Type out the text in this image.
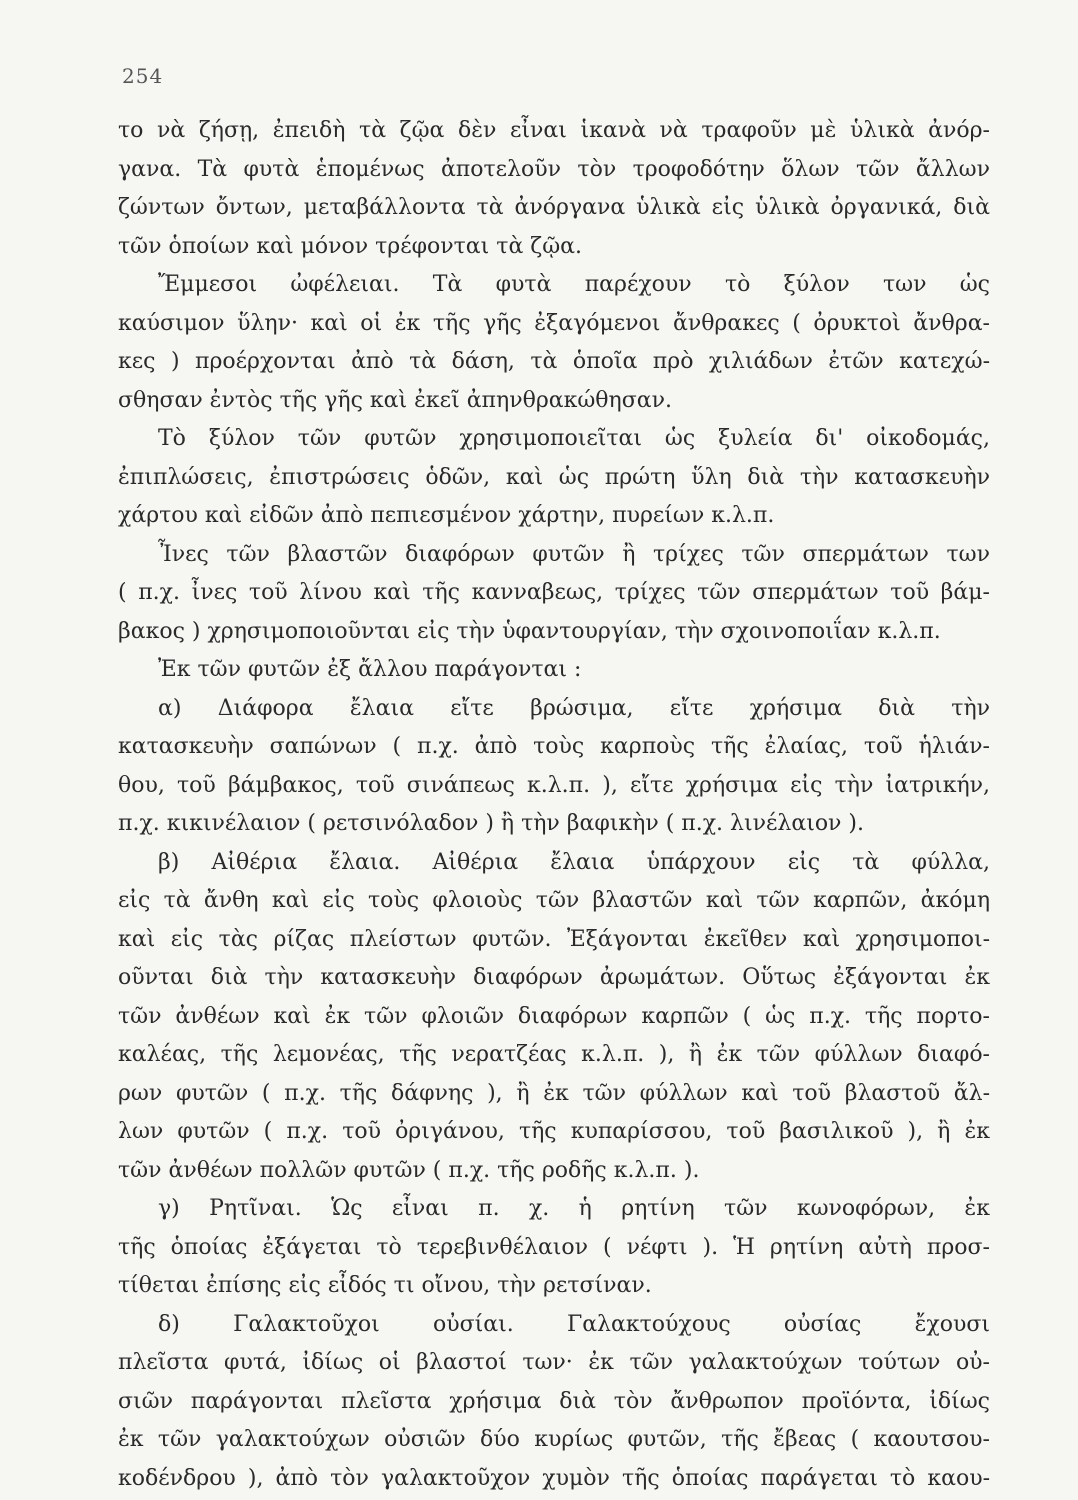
254
το νὰ ζήσῃ, ἐπειδὴ τὰ ζῷα δὲν εἶναι ἱκανὰ νὰ τραφοῦν μὲ ὑλικὰ ἀνόρ-
γανα. Τὰ φυτὰ ἑπομένως ἀποτελοῦν τὸν τροφοδότην ὅλων τῶν ἄλλων
ζώντων ὄντων, μεταβάλλοντα τὰ ἀνόργανα ὑλικὰ εἰς ὑλικὰ ὀργανικά, διὰ
τῶν ὁποίων καὶ μόνον τρέφονται τὰ ζῷα.
Ἔμμεσοι ὠφέλειαι. Τὰ φυτὰ παρέχουν τὸ ξύλον των ὡς
καύσιμον ὕλην· καὶ οἱ ἐκ τῆς γῆς ἐξαγόμενοι ἄνθρακες ( ὀρυκτοὶ ἄνθρα-
κες ) προέρχονται ἀπὸ τὰ δάση, τὰ ὁποῖα πρὸ χιλιάδων ἐτῶν κατεχώ-
σθησαν ἐντὸς τῆς γῆς καὶ ἐκεῖ ἀπηνθρακώθησαν.
Τὸ ξύλον τῶν φυτῶν χρησιμοποιεῖται ὡς ξυλεία δι' οἰκοδομάς,
ἐπιπλώσεις, ἐπιστρώσεις ὁδῶν, καὶ ὡς πρώτη ὕλη διὰ τὴν κατασκευὴν
χάρτου καὶ εἰδῶν ἀπὸ πεπιεσμένον χάρτην, πυρείων κ.λ.π.
Ἶνες τῶν βλαστῶν διαφόρων φυτῶν ἢ τρίχες τῶν σπερμάτων των
( π.χ. ἶνες τοῦ λίνου καὶ τῆς κανναβεως, τρίχες τῶν σπερμάτων τοῦ βάμ-
βακος ) χρησιμοποιοῦνται εἰς τὴν ὑφαντουργίαν, τὴν σχοινοποιΐαν κ.λ.π.
Ἐκ τῶν φυτῶν ἐξ ἄλλου παράγονται :
α) Διάφορα ἔλαια εἴτε βρώσιμα, εἴτε χρήσιμα διὰ τὴν
κατασκευὴν σαπώνων ( π.χ. ἀπὸ τοὺς καρποὺς τῆς ἐλαίας, τοῦ ἡλιάν-
θου, τοῦ βάμβακος, τοῦ σινάπεως κ.λ.π. ), εἴτε χρήσιμα εἰς τὴν ἰατρικήν,
π.χ. κικινέλαιον ( ρετσινόλαδον ) ἢ τὴν βαφικὴν ( π.χ. λινέλαιον ).
β) Αἰθέρια ἔλαια. Αἰθέρια ἔλαια ὑπάρχουν εἰς τὰ φύλλα,
εἰς τὰ ἄνθη καὶ εἰς τοὺς φλοιοὺς τῶν βλαστῶν καὶ τῶν καρπῶν, ἀκόμη
καὶ εἰς τὰς ρίζας πλείστων φυτῶν. Ἐξάγονται ἐκεῖθεν καὶ χρησιμοποι-
οῦνται διὰ τὴν κατασκευὴν διαφόρων ἀρωμάτων. Οὕτως ἐξάγονται ἐκ
τῶν ἀνθέων καὶ ἐκ τῶν φλοιῶν διαφόρων καρπῶν ( ὡς π.χ. τῆς πορτο-
καλέας, τῆς λεμονέας, τῆς νερατζέας κ.λ.π. ), ἢ ἐκ τῶν φύλλων διαφό-
ρων φυτῶν ( π.χ. τῆς δάφνης ), ἢ ἐκ τῶν φύλλων καὶ τοῦ βλαστοῦ ἄλ-
λων φυτῶν ( π.χ. τοῦ ὀριγάνου, τῆς κυπαρίσσου, τοῦ βασιλικοῦ ), ἢ ἐκ
τῶν ἀνθέων πολλῶν φυτῶν ( π.χ. τῆς ροδῆς κ.λ.π. ).
γ) Ρητῖναι. Ὡς εἶναι π. χ. ἡ ρητίνη τῶν κωνοφόρων, ἐκ
τῆς ὁποίας ἐξάγεται τὸ τερεβινθέλαιον ( νέφτι ). Ἡ ρητίνη αὐτὴ προσ-
τίθεται ἐπίσης εἰς εἶδός τι οἴνου, τὴν ρετσίναν.
δ) Γαλακτοῦχοι οὐσίαι. Γαλακτούχους οὐσίας ἔχουσι
πλεῖστα φυτά, ἰδίως οἱ βλαστοί των· ἐκ τῶν γαλακτούχων τούτων οὐ-
σιῶν παράγονται πλεῖστα χρήσιμα διὰ τὸν ἄνθρωπον προϊόντα, ἰδίως
ἐκ τῶν γαλακτούχων οὐσιῶν δύο κυρίως φυτῶν, τῆς ἔβεας ( καουτσου-
κοδένδρου ), ἀπὸ τὸν γαλακτοῦχον χυμὸν τῆς ὁποίας παράγεται τὸ καου-
